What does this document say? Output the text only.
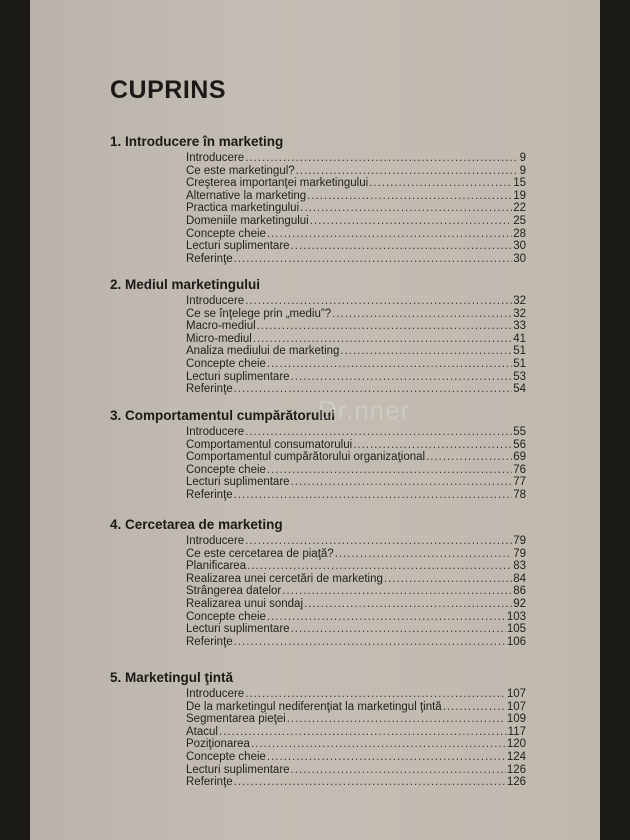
CUPRINS
1. Introducere în marketing
Introducere .....	9
Ce este marketingul? .....	9
Creşterea importanţei marketingului .....	15
Alternative la marketing .....	19
Practica marketingului .....	22
Domeniile marketingului .....	25
Concepte cheie .....	28
Lecturi suplimentare .....	30
Referinţe .....	30
2. Mediul marketingului
Introducere .....	32
Ce se înţelege prin „mediu”? .....	32
Macro-mediul .....	33
Micro-mediul .....	41
Analiza mediului de marketing .....	51
Concepte cheie .....	51
Lecturi suplimentare .....	53
Referinţe .....	54
3. Comportamentul cumpărătorului
Introducere .....	55
Comportamentul consumatorului .....	56
Comportamentul cumpărătorului organizaţional .....	69
Concepte cheie .....	76
Lecturi suplimentare .....	77
Referinţe .....	78
4. Cercetarea de marketing
Introducere .....	79
Ce este cercetarea de piaţă? .....	79
Planificarea .....	83
Realizarea unei cercetări de marketing .....	84
Strângerea datelor .....	86
Realizarea unui sondaj .....	92
Concepte cheie .....	103
Lecturi suplimentare .....	105
Referinţe .....	106
5. Marketingul ţintă
Introducere .....	107
De la marketingul nediferenţiat la marketingul ţintă .....	107
Segmentarea pieţei .....	109
Atacul .....	117
Poziţionarea .....	120
Concepte cheie .....	124
Lecturi suplimentare .....	126
Referinţe .....	126
Dr.nner
